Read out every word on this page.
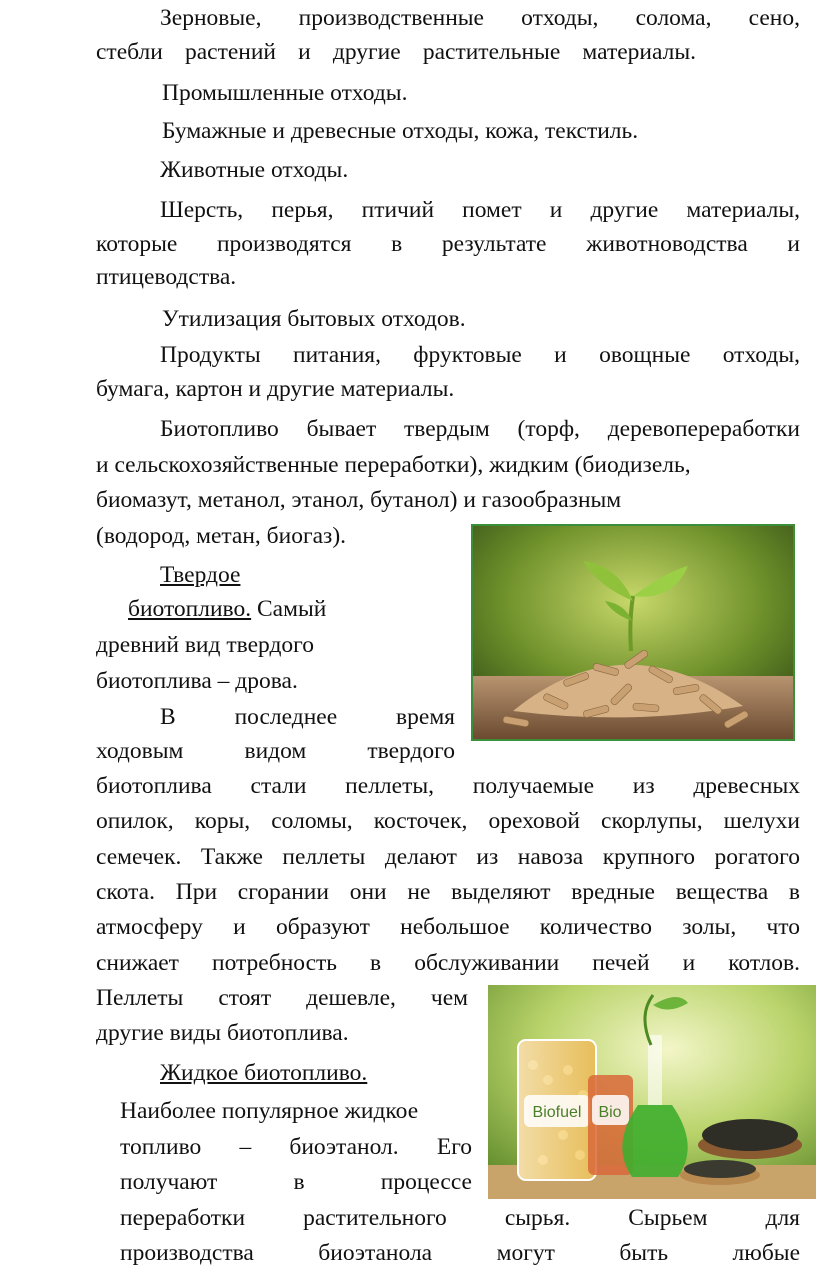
Зерновые, производственные отходы, солома, сено,
стебли растений и другие растительные материалы.
Промышленные отходы.
Бумажные и древесные отходы, кожа, текстиль.
Животные отходы.
Шерсть, перья, птичий помет и другие материалы,
которые производятся в результате животноводства и
птицеводства.
Утилизация бытовых отходов.
Продукты питания, фруктовые и овощные отходы,
бумага, картон и другие материалы.
Биотопливо бывает твердым (торф, деревопереработки
и сельскохозяйственные переработки), жидким (биодизель,
биомазут, метанол, этанол, бутанол) и газообразным
(водород, метан, биогаз).
Твердое
биотопливо. Самый
древний вид твердого
биотоплива – дрова.
В последнее время
ходовым видом твердого
биотоплива стали пеллеты, получаемые из древесных
опилок, коры, соломы, косточек, ореховой скорлупы, шелухи
семечек. Также пеллеты делают из навоза крупного рогатого
скота. При сгорании они не выделяют вредные вещества в
атмосферу и образуют небольшое количество золы, что
снижает потребность в обслуживании печей и котлов.
Пеллеты стоят дешевле, чем
другие виды биотоплива.
Жидкое биотопливо.
Наиболее популярное жидкое
топливо – биоэтанол. Его
получают в процессе
переработки растительного сырья. Сырьем для
производства биоэтанола могут быть любые
Biofuel Bio
